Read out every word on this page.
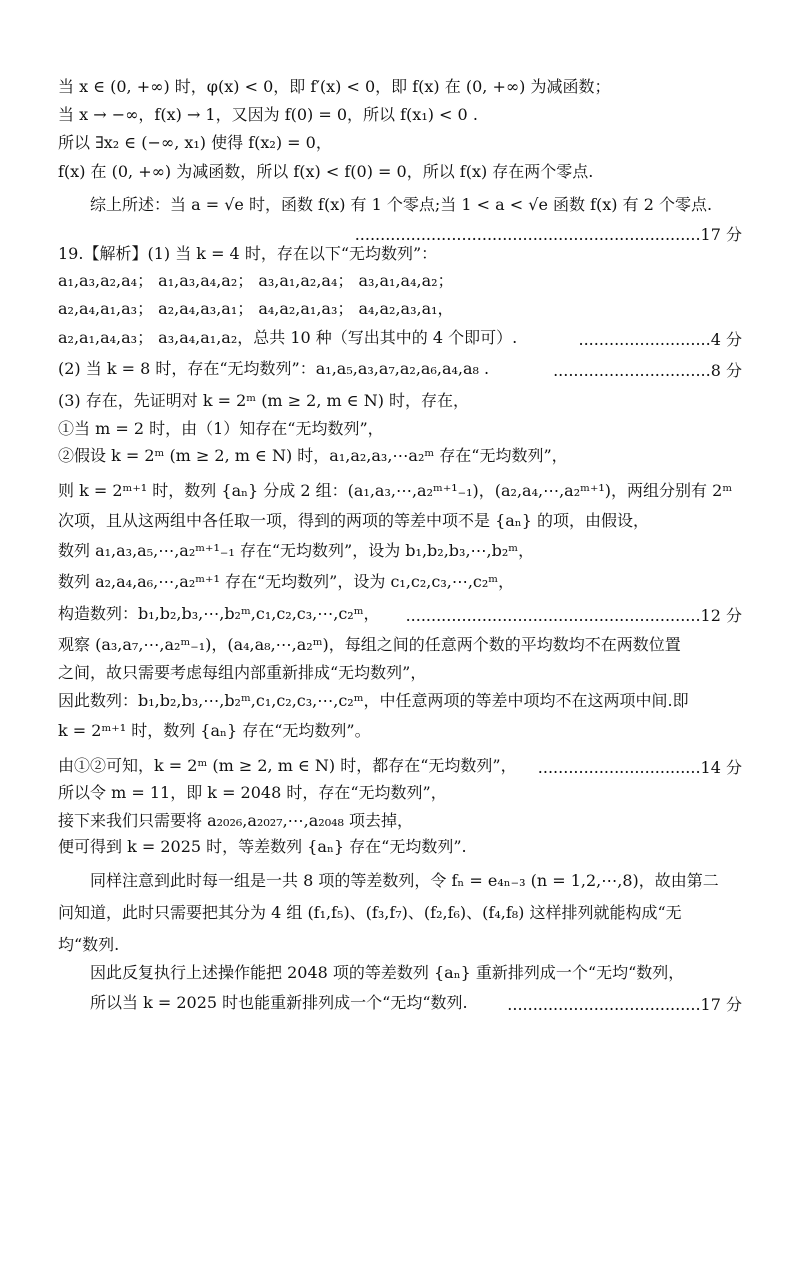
当 x ∈ (0, +∞) 时，φ(x) < 0，即 f′(x) < 0，即 f(x) 在 (0, +∞) 为减函数；
当 x → −∞，f(x) → 1，又因为 f(0) = 0，所以 f(x₁) < 0 .
所以 ∃x₂ ∈ (−∞, x₁) 使得 f(x₂) = 0，
f(x) 在 (0, +∞) 为减函数，所以 f(x) < f(0) = 0，所以 f(x) 存在两个零点.
综上所述：当 a = √e 时，函数 f(x) 有 1 个零点;当 1 < a < √e 函数 f(x) 有 2 个零点.
....................................................................17 分
19.【解析】(1) 当 k = 4 时，存在以下“无均数列”：
a₁,a₃,a₂,a₄； a₁,a₃,a₄,a₂； a₃,a₁,a₂,a₄； a₃,a₁,a₄,a₂；
a₂,a₄,a₁,a₃； a₂,a₄,a₃,a₁； a₄,a₂,a₁,a₃； a₄,a₂,a₃,a₁，
a₂,a₁,a₄,a₃； a₃,a₄,a₁,a₂，总共 10 种（写出其中的 4 个即可）.	..........................4 分
(2) 当 k = 8 时，存在“无均数列”：a₁,a₅,a₃,a₇,a₂,a₆,a₄,a₈ .	...............................8 分
(3) 存在，先证明对 k = 2ᵐ (m ≥ 2, m ∈ N) 时，存在，
①当 m = 2 时，由（1）知存在“无均数列”，
②假设 k = 2ᵐ (m ≥ 2, m ∈ N) 时，a₁,a₂,a₃,⋯a₂ᵐ 存在“无均数列”，
则 k = 2ᵐ⁺¹ 时，数列 {aₙ} 分成 2 组：(a₁,a₃,⋯,a₂ᵐ⁺¹₋₁)，(a₂,a₄,⋯,a₂ᵐ⁺¹)，两组分别有 2ᵐ
次项，且从这两组中各任取一项，得到的两项的等差中项不是 {aₙ} 的项，由假设，
数列 a₁,a₃,a₅,⋯,a₂ᵐ⁺¹₋₁ 存在“无均数列”，设为 b₁,b₂,b₃,⋯,b₂ᵐ，
数列 a₂,a₄,a₆,⋯,a₂ᵐ⁺¹ 存在“无均数列”，设为 c₁,c₂,c₃,⋯,c₂ᵐ，
构造数列：b₁,b₂,b₃,⋯,b₂ᵐ,c₁,c₂,c₃,⋯,c₂ᵐ，	..........................................................12 分
观察 (a₃,a₇,⋯,a₂ᵐ₋₁)，(a₄,a₈,⋯,a₂ᵐ)，每组之间的任意两个数的平均数均不在两数位置
之间，故只需要考虑每组内部重新排成“无均数列”，
因此数列：b₁,b₂,b₃,⋯,b₂ᵐ,c₁,c₂,c₃,⋯,c₂ᵐ，中任意两项的等差中项均不在这两项中间.即
k = 2ᵐ⁺¹ 时，数列 {aₙ} 存在“无均数列”。
由①②可知，k = 2ᵐ (m ≥ 2, m ∈ N) 时，都存在“无均数列”，	................................14 分
所以令 m = 11，即 k = 2048 时，存在“无均数列”，
接下来我们只需要将 a₂₀₂₆,a₂₀₂₇,⋯,a₂₀₄₈ 项去掉，
便可得到 k = 2025 时，等差数列 {aₙ} 存在“无均数列”.
同样注意到此时每一组是一共 8 项的等差数列，令 fₙ = e₄ₙ₋₃ (n = 1,2,⋯,8)，故由第二
问知道，此时只需要把其分为 4 组 (f₁,f₅)、(f₃,f₇)、(f₂,f₆)、(f₄,f₈) 这样排列就能构成“无
均“数列.
因此反复执行上述操作能把 2048 项的等差数列 {aₙ} 重新排列成一个“无均“数列，
所以当 k = 2025 时也能重新排列成一个“无均“数列.	......................................17 分
